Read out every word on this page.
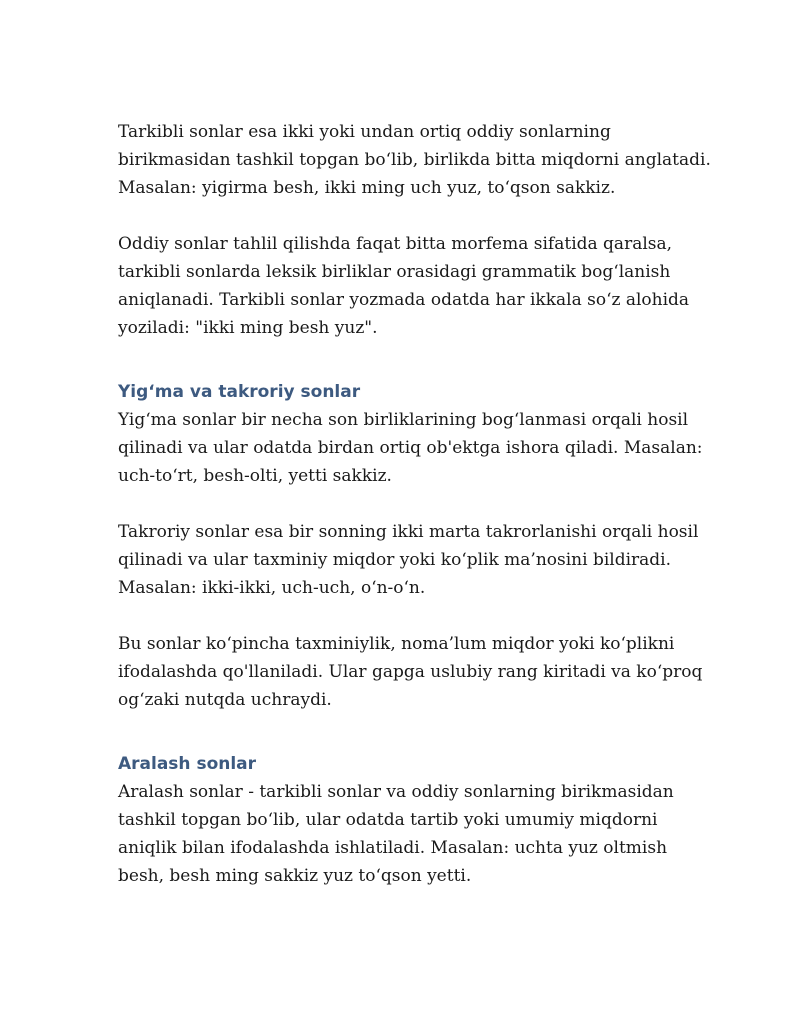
Tarkibli sonlar esa ikki yoki undan ortiq oddiy sonlarning birikmasidan tashkil topgan bo‘lib, birlikda bitta miqdorni anglatadi. Masalan: yigirma besh, ikki ming uch yuz, to‘qson sakkiz.

Oddiy sonlar tahlil qilishda faqat bitta morfema sifatida qaralsa, tarkibli sonlarda leksik birliklar orasidagi grammatik bog‘lanish aniqlanadi. Tarkibli sonlar yozmada odatda har ikkala so‘z alohida yoziladi: "ikki ming besh yuz".

Yig‘ma va takroriy sonlar

Yig‘ma sonlar bir necha son birliklarining bog‘lanmasi orqali hosil qilinadi va ular odatda birdan ortiq ob'ektga ishora qiladi. Masalan: uch-to‘rt, besh-olti, yetti sakkiz.

Takroriy sonlar esa bir sonning ikki marta takrorlanishi orqali hosil qilinadi va ular taxminiy miqdor yoki ko‘plik ma’nosini bildiradi. Masalan: ikki-ikki, uch-uch, o‘n-o‘n.

Bu sonlar ko‘pincha taxminiylik, noma’lum miqdor yoki ko‘plikni ifodalashda qo'llaniladi. Ular gapga uslubiy rang kiritadi va ko‘proq og‘zaki nutqda uchraydi.

Aralash sonlar

Aralash sonlar - tarkibli sonlar va oddiy sonlarning birikmasidan tashkil topgan bo‘lib, ular odatda tartib yoki umumiy miqdorni aniqlik bilan ifodalashda ishlatiladi. Masalan: uchta yuz oltmish besh, besh ming sakkiz yuz to‘qson yetti.
